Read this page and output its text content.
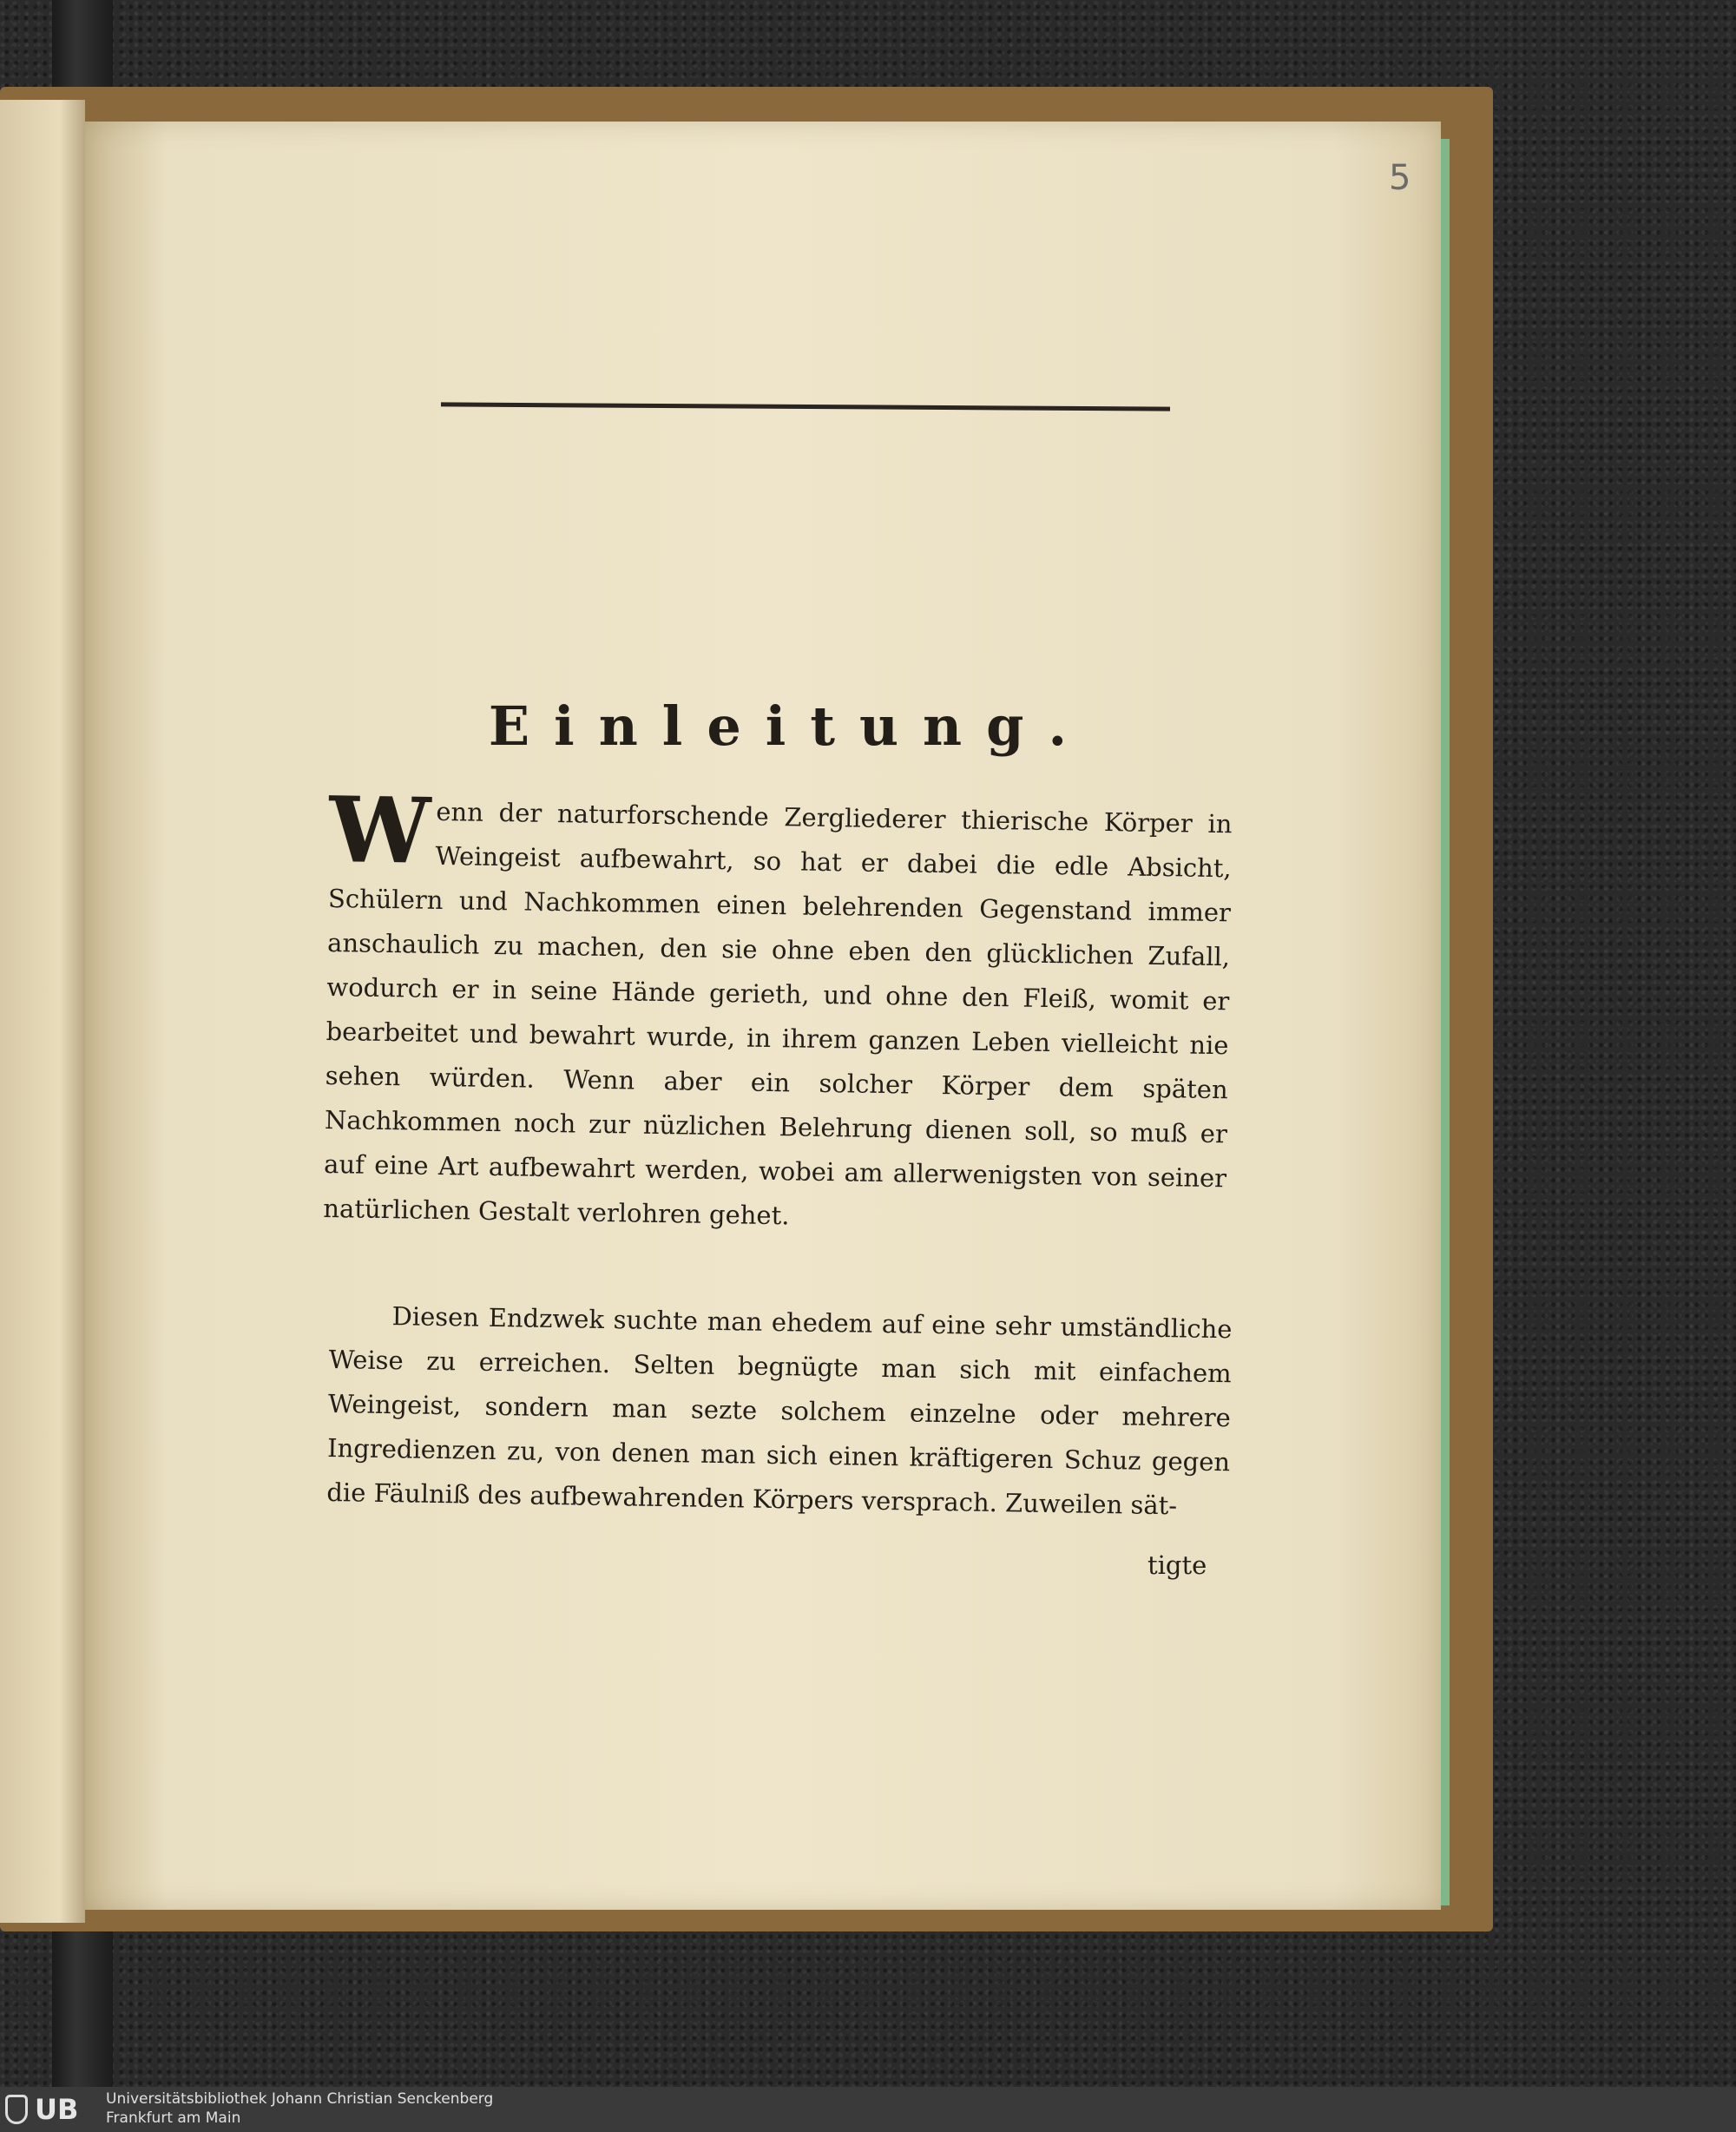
5
Einleitung.
Wenn der naturforschende Zergliederer thierische Körper in Weingeist aufbewahrt, so hat er dabei die edle Absicht, Schülern und Nachkommen einen belehrenden Gegenstand immer anschaulich zu machen, den sie ohne eben den glücklichen Zufall, wodurch er in seine Hände gerieth, und ohne den Fleiß, womit er bearbeitet und bewahrt wurde, in ihrem ganzen Leben vielleicht nie sehen würden. Wenn aber ein solcher Körper dem späten Nachkommen noch zur nüzlichen Belehrung dienen soll, so muß er auf eine Art aufbewahrt werden, wobei am allerwenigsten von seiner natürlichen Gestalt verlohren gehet.
Diesen Endzwek suchte man ehedem auf eine sehr umständliche Weise zu erreichen. Selten begnügte man sich mit einfachem Weingeist, sondern man sezte solchem einzelne oder mehrere Ingredienzen zu, von denen man sich einen kräftigeren Schuz gegen die Fäulniß des aufbewahrenden Körpers versprach. Zuweilen sät-
tigte
UB Universitätsbibliothek Johann Christian Senckenberg
Frankfurt am Main
